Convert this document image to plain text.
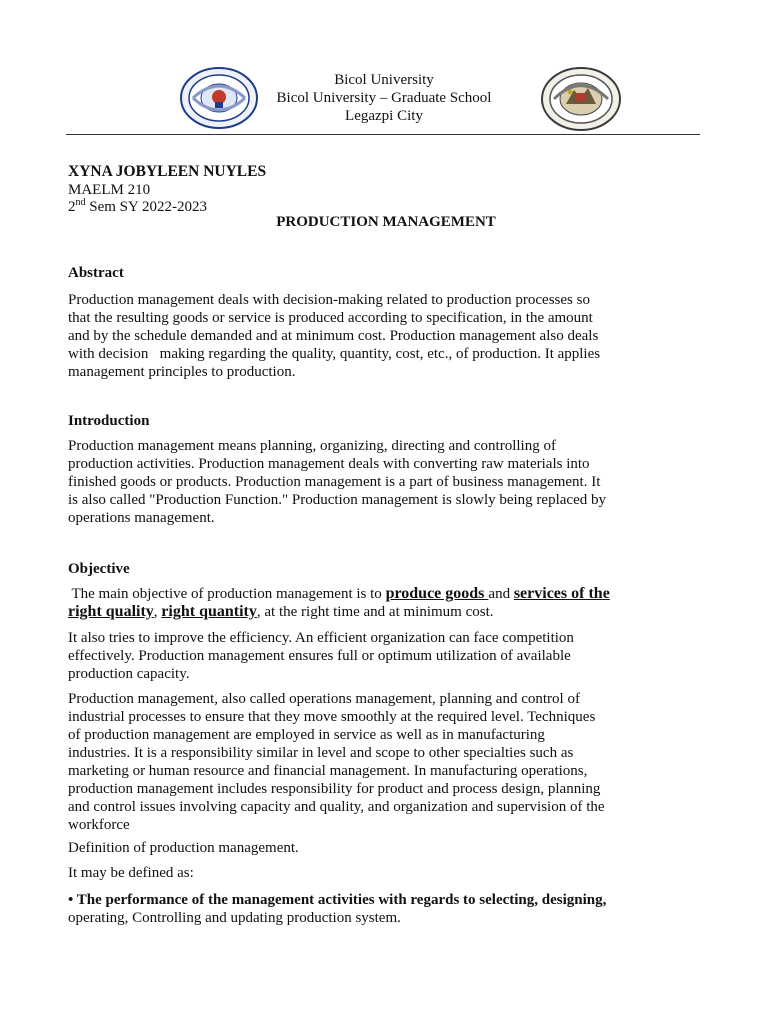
Bicol University
Bicol University – Graduate School
Legazpi City
XYNA JOBYLEEN NUYLES
MAELM 210
2nd Sem SY 2022-2023
PRODUCTION MANAGEMENT
Abstract
Production management deals with decision-making related to production processes so
that the resulting goods or service is produced according to specification, in the amount
and by the schedule demanded and at minimum cost. Production management also deals
with decision   making regarding the quality, quantity, cost, etc., of production. It applies
management principles to production.
Introduction
Production management means planning, organizing, directing and controlling of
production activities. Production management deals with converting raw materials into
finished goods or products. Production management is a part of business management. It
is also called "Production Function." Production management is slowly being replaced by
operations management.
Objective
The main objective of production management is to produce goods and services of the
right quality, right quantity, at the right time and at minimum cost.
It also tries to improve the efficiency. An efficient organization can face competition
effectively. Production management ensures full or optimum utilization of available
production capacity.
Production management, also called operations management, planning and control of
industrial processes to ensure that they move smoothly at the required level. Techniques
of production management are employed in service as well as in manufacturing
industries. It is a responsibility similar in level and scope to other specialties such as
marketing or human resource and financial management. In manufacturing operations,
production management includes responsibility for product and process design, planning
and control issues involving capacity and quality, and organization and supervision of the
workforce
Definition of production management.
It may be defined as:
• The performance of the management activities with regards to selecting, designing,
operating, Controlling and updating production system.
